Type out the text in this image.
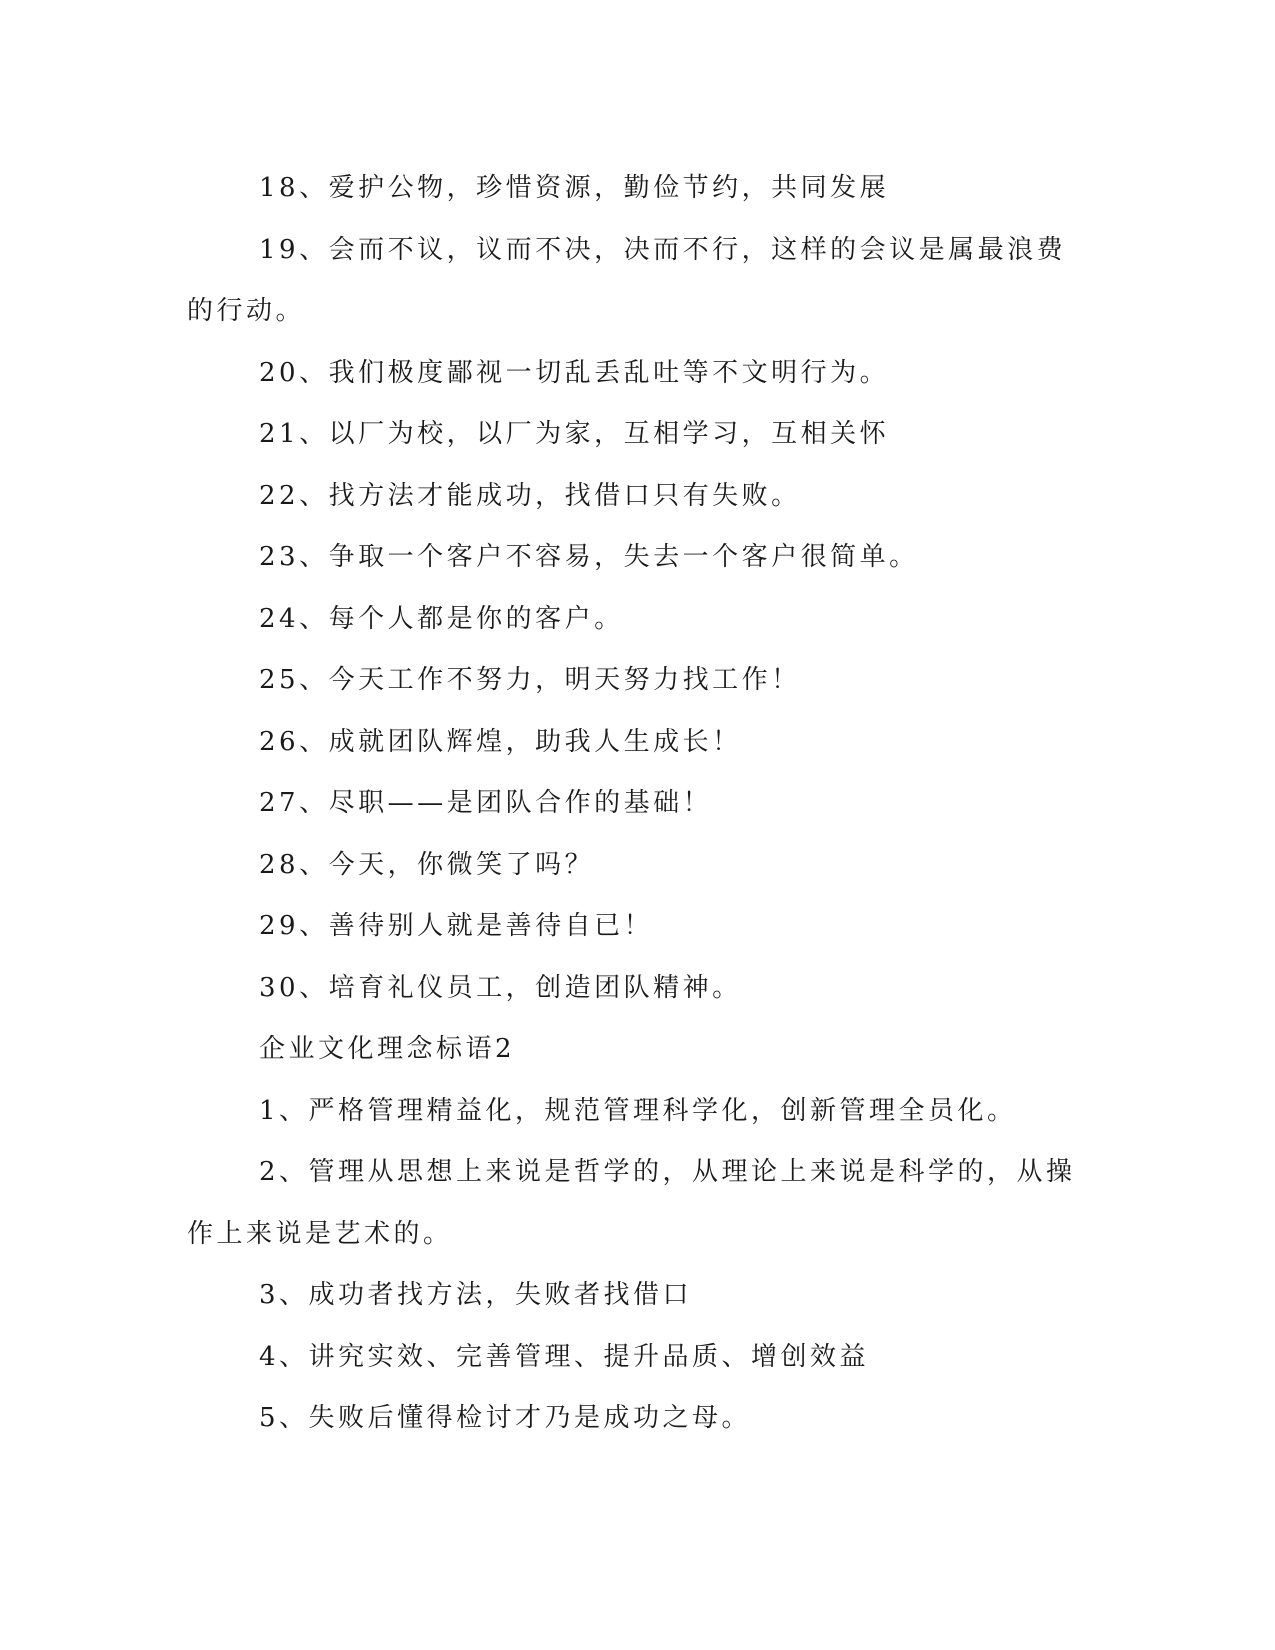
18、爱护公物，珍惜资源，勤俭节约，共同发展

19、会而不议，议而不决，决而不行，这样的会议是属最浪费的行动。

20、我们极度鄙视一切乱丢乱吐等不文明行为。

21、以厂为校，以厂为家，互相学习，互相关怀

22、找方法才能成功，找借口只有失败。

23、争取一个客户不容易，失去一个客户很简单。

24、每个人都是你的客户。

25、今天工作不努力，明天努力找工作！

26、成就团队辉煌，助我人生成长！

27、尽职——是团队合作的基础！

28、今天，你微笑了吗？

29、善待别人就是善待自已！

30、培育礼仪员工，创造团队精神。

企业文化理念标语2

1、严格管理精益化，规范管理科学化，创新管理全员化。

2、管理从思想上来说是哲学的，从理论上来说是科学的，从操作上来说是艺术的。

3、成功者找方法，失败者找借口

4、讲究实效、完善管理、提升品质、增创效益

5、失败后懂得检讨才乃是成功之母。
